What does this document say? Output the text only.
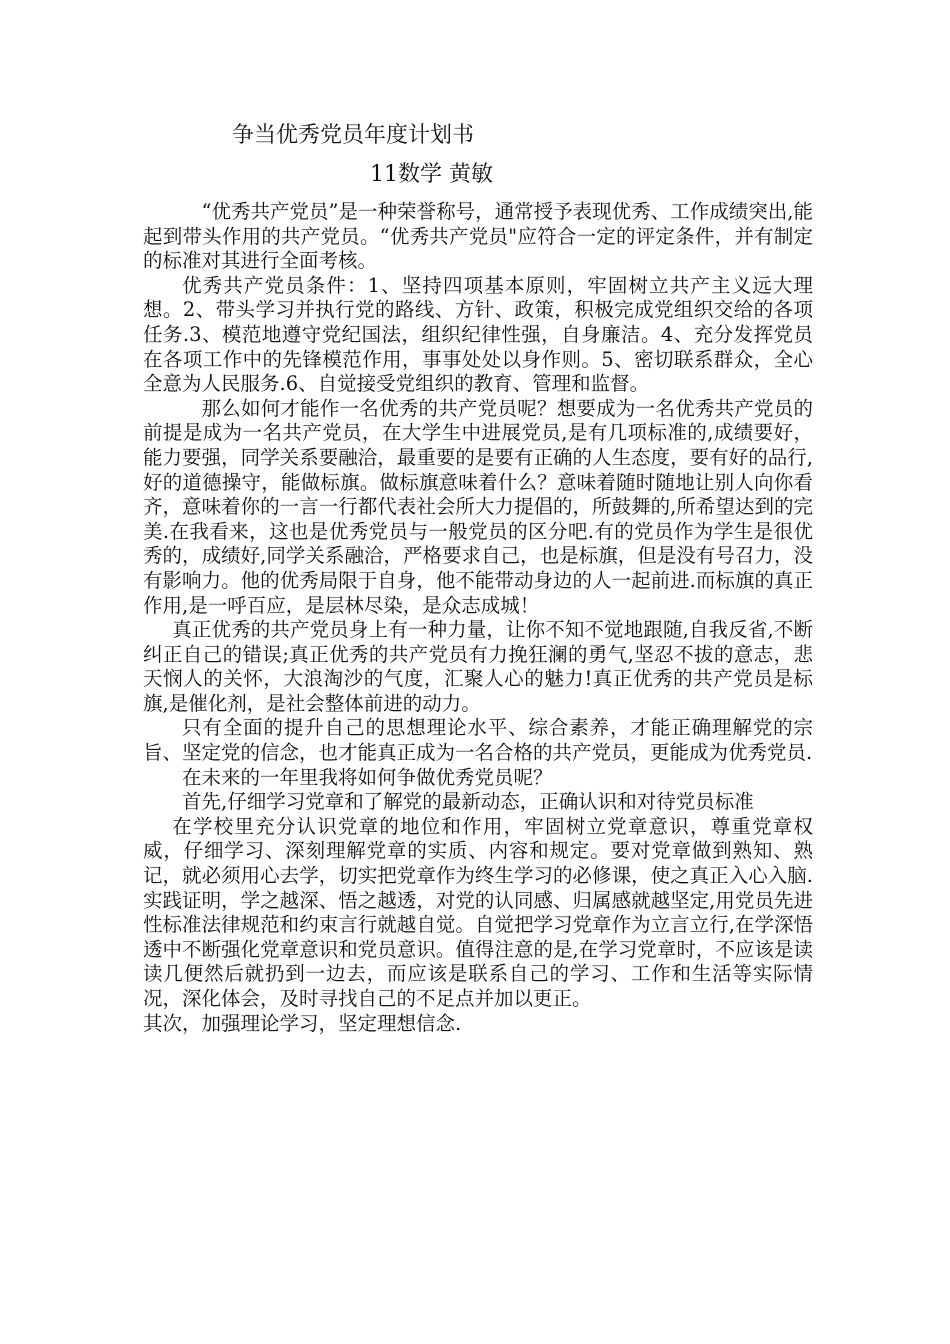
争当优秀党员年度计划书
11数学 黄敏

“优秀共产党员”是一种荣誉称号，通常授予表现优秀、工作成绩突出,能起到带头作用的共产党员。“优秀共产党员"应符合一定的评定条件，并有制定的标准对其进行全面考核。

优秀共产党员条件：1、坚持四项基本原则，牢固树立共产主义远大理想。2、带头学习并执行党的路线、方针、政策，积极完成党组织交给的各项任务.3、模范地遵守党纪国法，组织纪律性强，自身廉洁。4、充分发挥党员在各项工作中的先锋模范作用，事事处处以身作则。5、密切联系群众，全心全意为人民服务.6、自觉接受党组织的教育、管理和监督。

那么如何才能作一名优秀的共产党员呢？想要成为一名优秀共产党员的前提是成为一名共产党员，在大学生中进展党员,是有几项标准的,成绩要好，能力要强，同学关系要融洽，最重要的是要有正确的人生态度，要有好的品行,好的道德操守，能做标旗。做标旗意味着什么？意味着随时随地让别人向你看齐，意味着你的一言一行都代表社会所大力提倡的，所鼓舞的,所希望达到的完美.在我看来，这也是优秀党员与一般党员的区分吧.有的党员作为学生是很优秀的，成绩好,同学关系融洽，严格要求自己，也是标旗，但是没有号召力，没有影响力。他的优秀局限于自身，他不能带动身边的人一起前进.而标旗的真正作用,是一呼百应，是层林尽染，是众志成城！

真正优秀的共产党员身上有一种力量，让你不知不觉地跟随,自我反省,不断纠正自己的错误;真正优秀的共产党员有力挽狂澜的勇气,坚忍不拔的意志，悲天悯人的关怀，大浪淘沙的气度，汇聚人心的魅力!真正优秀的共产党员是标旗,是催化剂，是社会整体前进的动力。

只有全面的提升自己的思想理论水平、综合素养，才能正确理解党的宗旨、坚定党的信念，也才能真正成为一名合格的共产党员，更能成为优秀党员.

在未来的一年里我将如何争做优秀党员呢？

首先,仔细学习党章和了解党的最新动态，正确认识和对待党员标准

在学校里充分认识党章的地位和作用，牢固树立党章意识，尊重党章权威，仔细学习、深刻理解党章的实质、内容和规定。要对党章做到熟知、熟记，就必须用心去学，切实把党章作为终生学习的必修课，使之真正入心入脑.实践证明，学之越深、悟之越透，对党的认同感、归属感就越坚定,用党员先进性标准法律规范和约束言行就越自觉。自觉把学习党章作为立言立行,在学深悟透中不断强化党章意识和党员意识。值得注意的是,在学习党章时，不应该是读读几便然后就扔到一边去，而应该是联系自己的学习、工作和生活等实际情况，深化体会，及时寻找自己的不足点并加以更正。

其次，加强理论学习，坚定理想信念.
